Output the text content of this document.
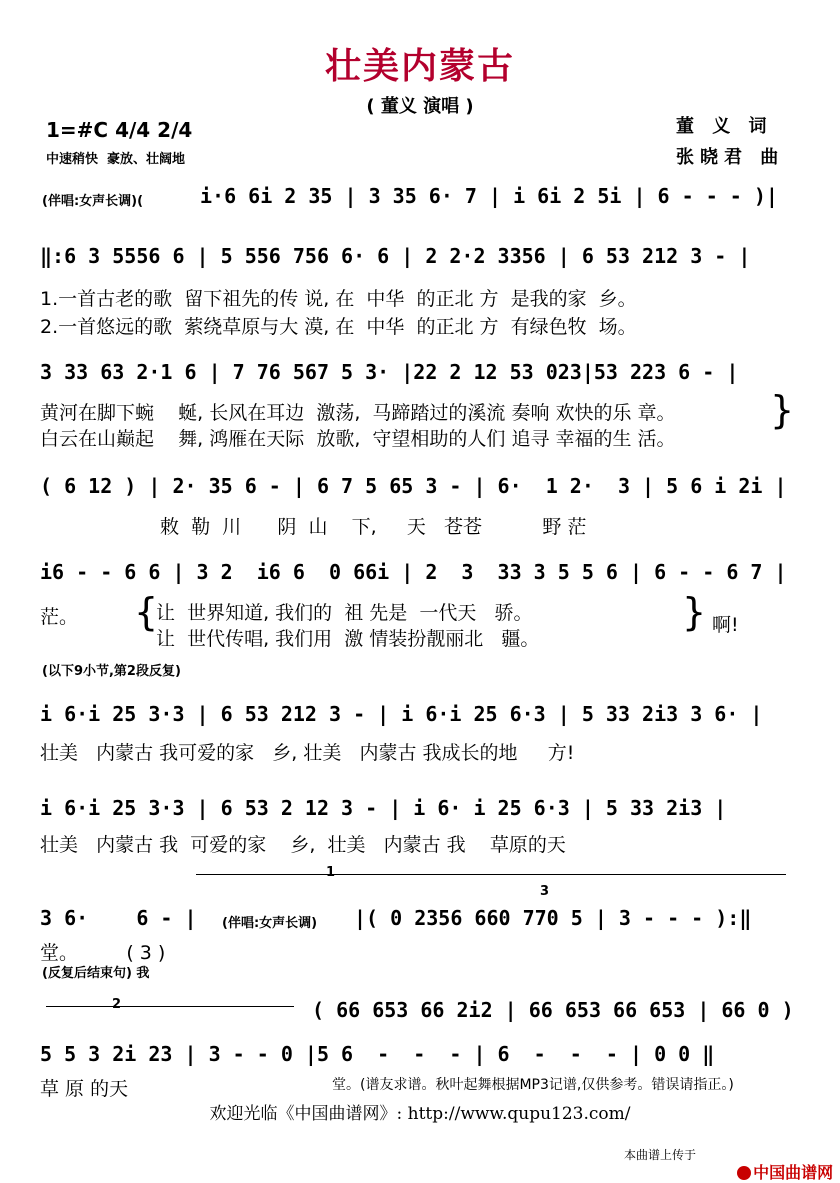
壮美内蒙古
( 董义 演唱 )
1=#C 4/4 2/4
中速稍快  豪放、壮阔地
董 义 词
张晓君 曲
(伴唱:女声长调)(	i·6 6i 2 35 | 3 35 6· 7 | i 6i 2 5i | 6 - - - )|
‖:6 3 5556 6 | 5 556 756 6· 6 | 2 2·2 3356 | 6 53 212 3 - |
1.一首古老的歌  留下祖先的传 说, 在  中华  的正北 方  是我的家  乡。
2.一首悠远的歌  萦绕草原与大 漠, 在  中华  的正北 方  有绿色牧  场。
3 33 63 2·1 6 | 7 76 567 5 3· |22 2 12 53 023|53 223 6 - |
黄河在脚下蜿    蜒, 长风在耳边  激荡,  马蹄踏过的溪流 奏响 欢快的乐 章。
白云在山巅起    舞, 鸿雁在天际  放歌,  守望相助的人们 追寻 幸福的生 活。
}
( 6 12 ) | 2· 35 6 - | 6 7 5 65 3 - | 6·  1 2·  3 | 5 6 i 2i |
敕  勒  川      阴  山    下,     天   苍苍          野 茫
i6 - - 6 6 | 3 2  i6 6  0 66i | 2  3  33 3 5 5 6 | 6 - - 6 7 |
茫。 {
让  世界知道, 我们的  祖 先是  一代天   骄。
让  世代传唱, 我们用  激 情装扮靓丽北   疆。
} 啊!
(以下9小节,第2段反复)
i 6·i 25 3·3 | 6 53 212 3 - | i 6·i 25 6·3 | 5 33 2i3 3 6· |
壮美   内蒙古 我可爱的家   乡, 壮美   内蒙古 我成长的地     方!
i 6·i 25 3·3 | 6 53 2 12 3 - | i 6· i 25 6·3 | 5 33 2i3 |
壮美   内蒙古 我  可爱的家    乡,  壮美   内蒙古 我    草原的天
1
3 6·    6 - | (伴唱:女声长调) |( 0 2356 660 770 5 | 3 - - - ):‖
3
堂。        ( 3 )
(反复后结束句) 我
2	( 66 653 66 2i2 | 66 653 66 653 | 66 0 )
5 5 3 2i 23 | 3 - - 0 |5 6  -  -  - | 6  -  -  - | 0 0 ‖
草 原 的天	堂。(谱友求谱。秋叶起舞根据MP3记谱,仅供参考。错误请指正。)
欢迎光临《中国曲谱网》: http://www.qupu123.com/
本曲谱上传于

中国曲谱网
